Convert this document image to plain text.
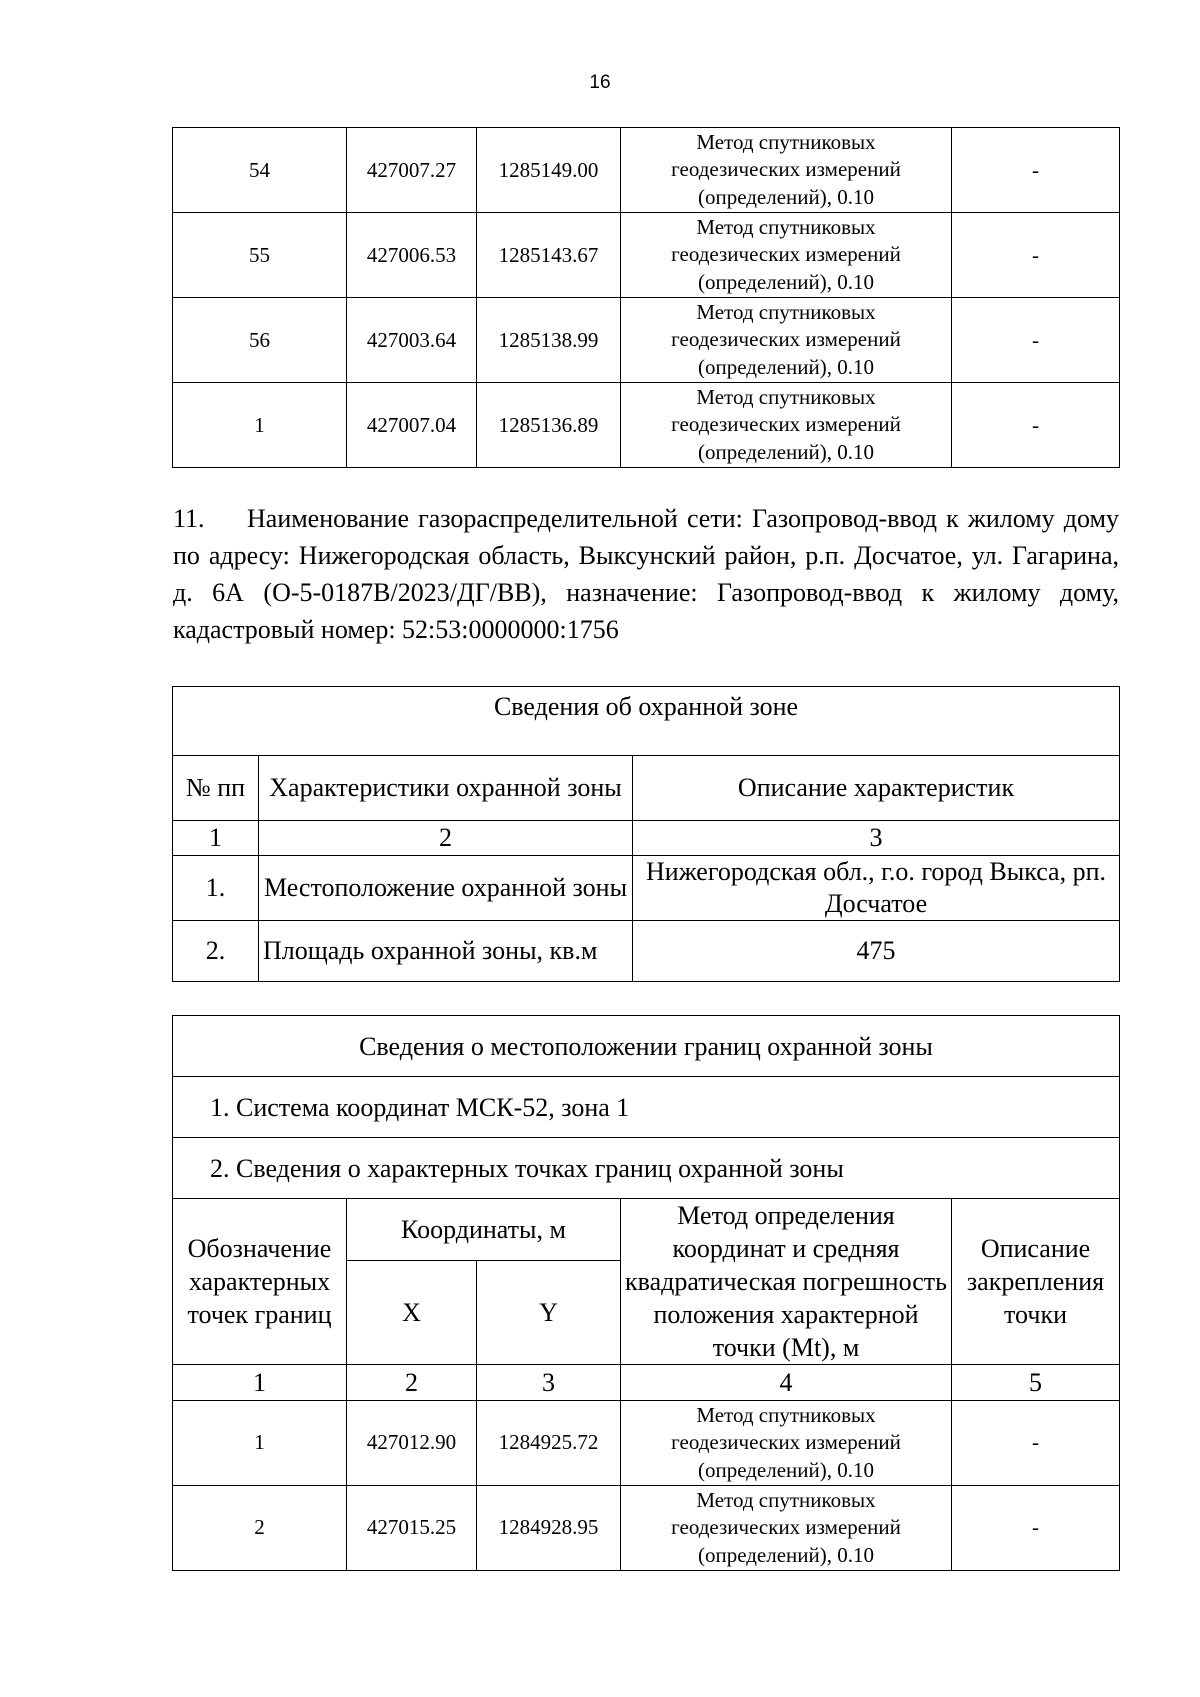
16
54	427007.27	1285149.00	Метод спутниковых
геодезических измерений
(определений), 0.10	-
55	427006.53	1285143.67	Метод спутниковых
геодезических измерений
(определений), 0.10	-
56	427003.64	1285138.99	Метод спутниковых
геодезических измерений
(определений), 0.10	-
1	427007.04	1285136.89	Метод спутниковых
геодезических измерений
(определений), 0.10	-
11. Наименование газораспределительной сети: Газопровод-ввод к жилому дому по адресу: Нижегородская область, Выксунский район, р.п. Досчатое, ул. Гагарина, д. 6А (О-5-0187В/2023/ДГ/ВВ), назначение: Газопровод-ввод к жилому дому, кадастровый номер: 52:53:0000000:1756
Сведения об охранной зоне		
№ пп	Характеристики охранной зоны	Описание характеристик
1	2	3
1.	Местоположение охранной зоны	Нижегородская обл., г.о. город Выкса, рп. Досчатое
2.	Площадь охранной зоны, кв.м	475
Сведения о местоположении границ охранной зоны				
1. Система координат МСК-52, зона 1				
2. Сведения о характерных точках границ охранной зоны				
Обозначение характерных точек границ	Координаты, м		Метод определения координат и средняя квадратическая погрешность положения характерной точки (Mt), м	Описание закрепления точки
	X	Y		
1	2	3	4	5
1	427012.90	1284925.72	Метод спутниковых
геодезических измерений
(определений), 0.10	-
2	427015.25	1284928.95	Метод спутниковых
геодезических измерений
(определений), 0.10	-
